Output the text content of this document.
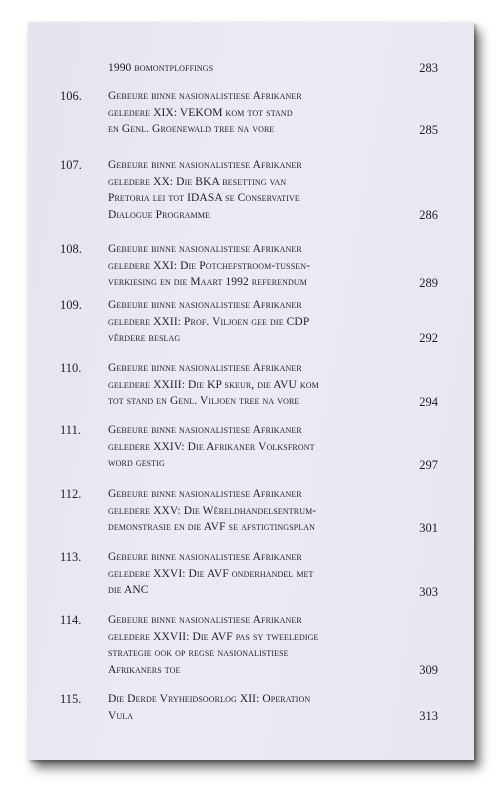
1990 bomontploffings	283
106. Gebeure binne nasionalistiese Afrikaner
geledere XIX: VEKOM kom tot stand
en Genl. Groenewald tree na vore	285
107. Gebeure binne nasionalistiese Afrikaner
geledere XX: Die BKA besetting van
Pretoria lei tot IDASA se Conservative
Dialogue Programme	286
108. Gebeure binne nasionalistiese Afrikaner
geledere XXI: Die Potchefstroom-tussen-
verkiesing en die Maart 1992 referendum	289
109. Gebeure binne nasionalistiese Afrikaner
geledere XXII: Prof. Viljoen gee die CDP
vêrdere beslag	292
110. Gebeure binne nasionalistiese Afrikaner
geledere XXIII: Die KP skeur, die AVU kom
tot stand en Genl. Viljoen tree na vore	294
111. Gebeure binne nasionalistiese Afrikaner
geledere XXIV: Die Afrikaner Volksfront
word gestig	297
112. Gebeure binne nasionalistiese Afrikaner
geledere XXV: Die Wêreldhandelsentrum-
demonstrasie en die AVF se afstigtingsplan	301
113. Gebeure binne nasionalistiese Afrikaner
geledere XXVI: Die AVF onderhandel met
die ANC	303
114. Gebeure binne nasionalistiese Afrikaner
geledere XXVII: Die AVF pas sy tweeledige
strategie ook op regse nasionalistiese
Afrikaners toe	309
115. Die Derde Vryheidsoorlog XII: Operation
Vula	313
